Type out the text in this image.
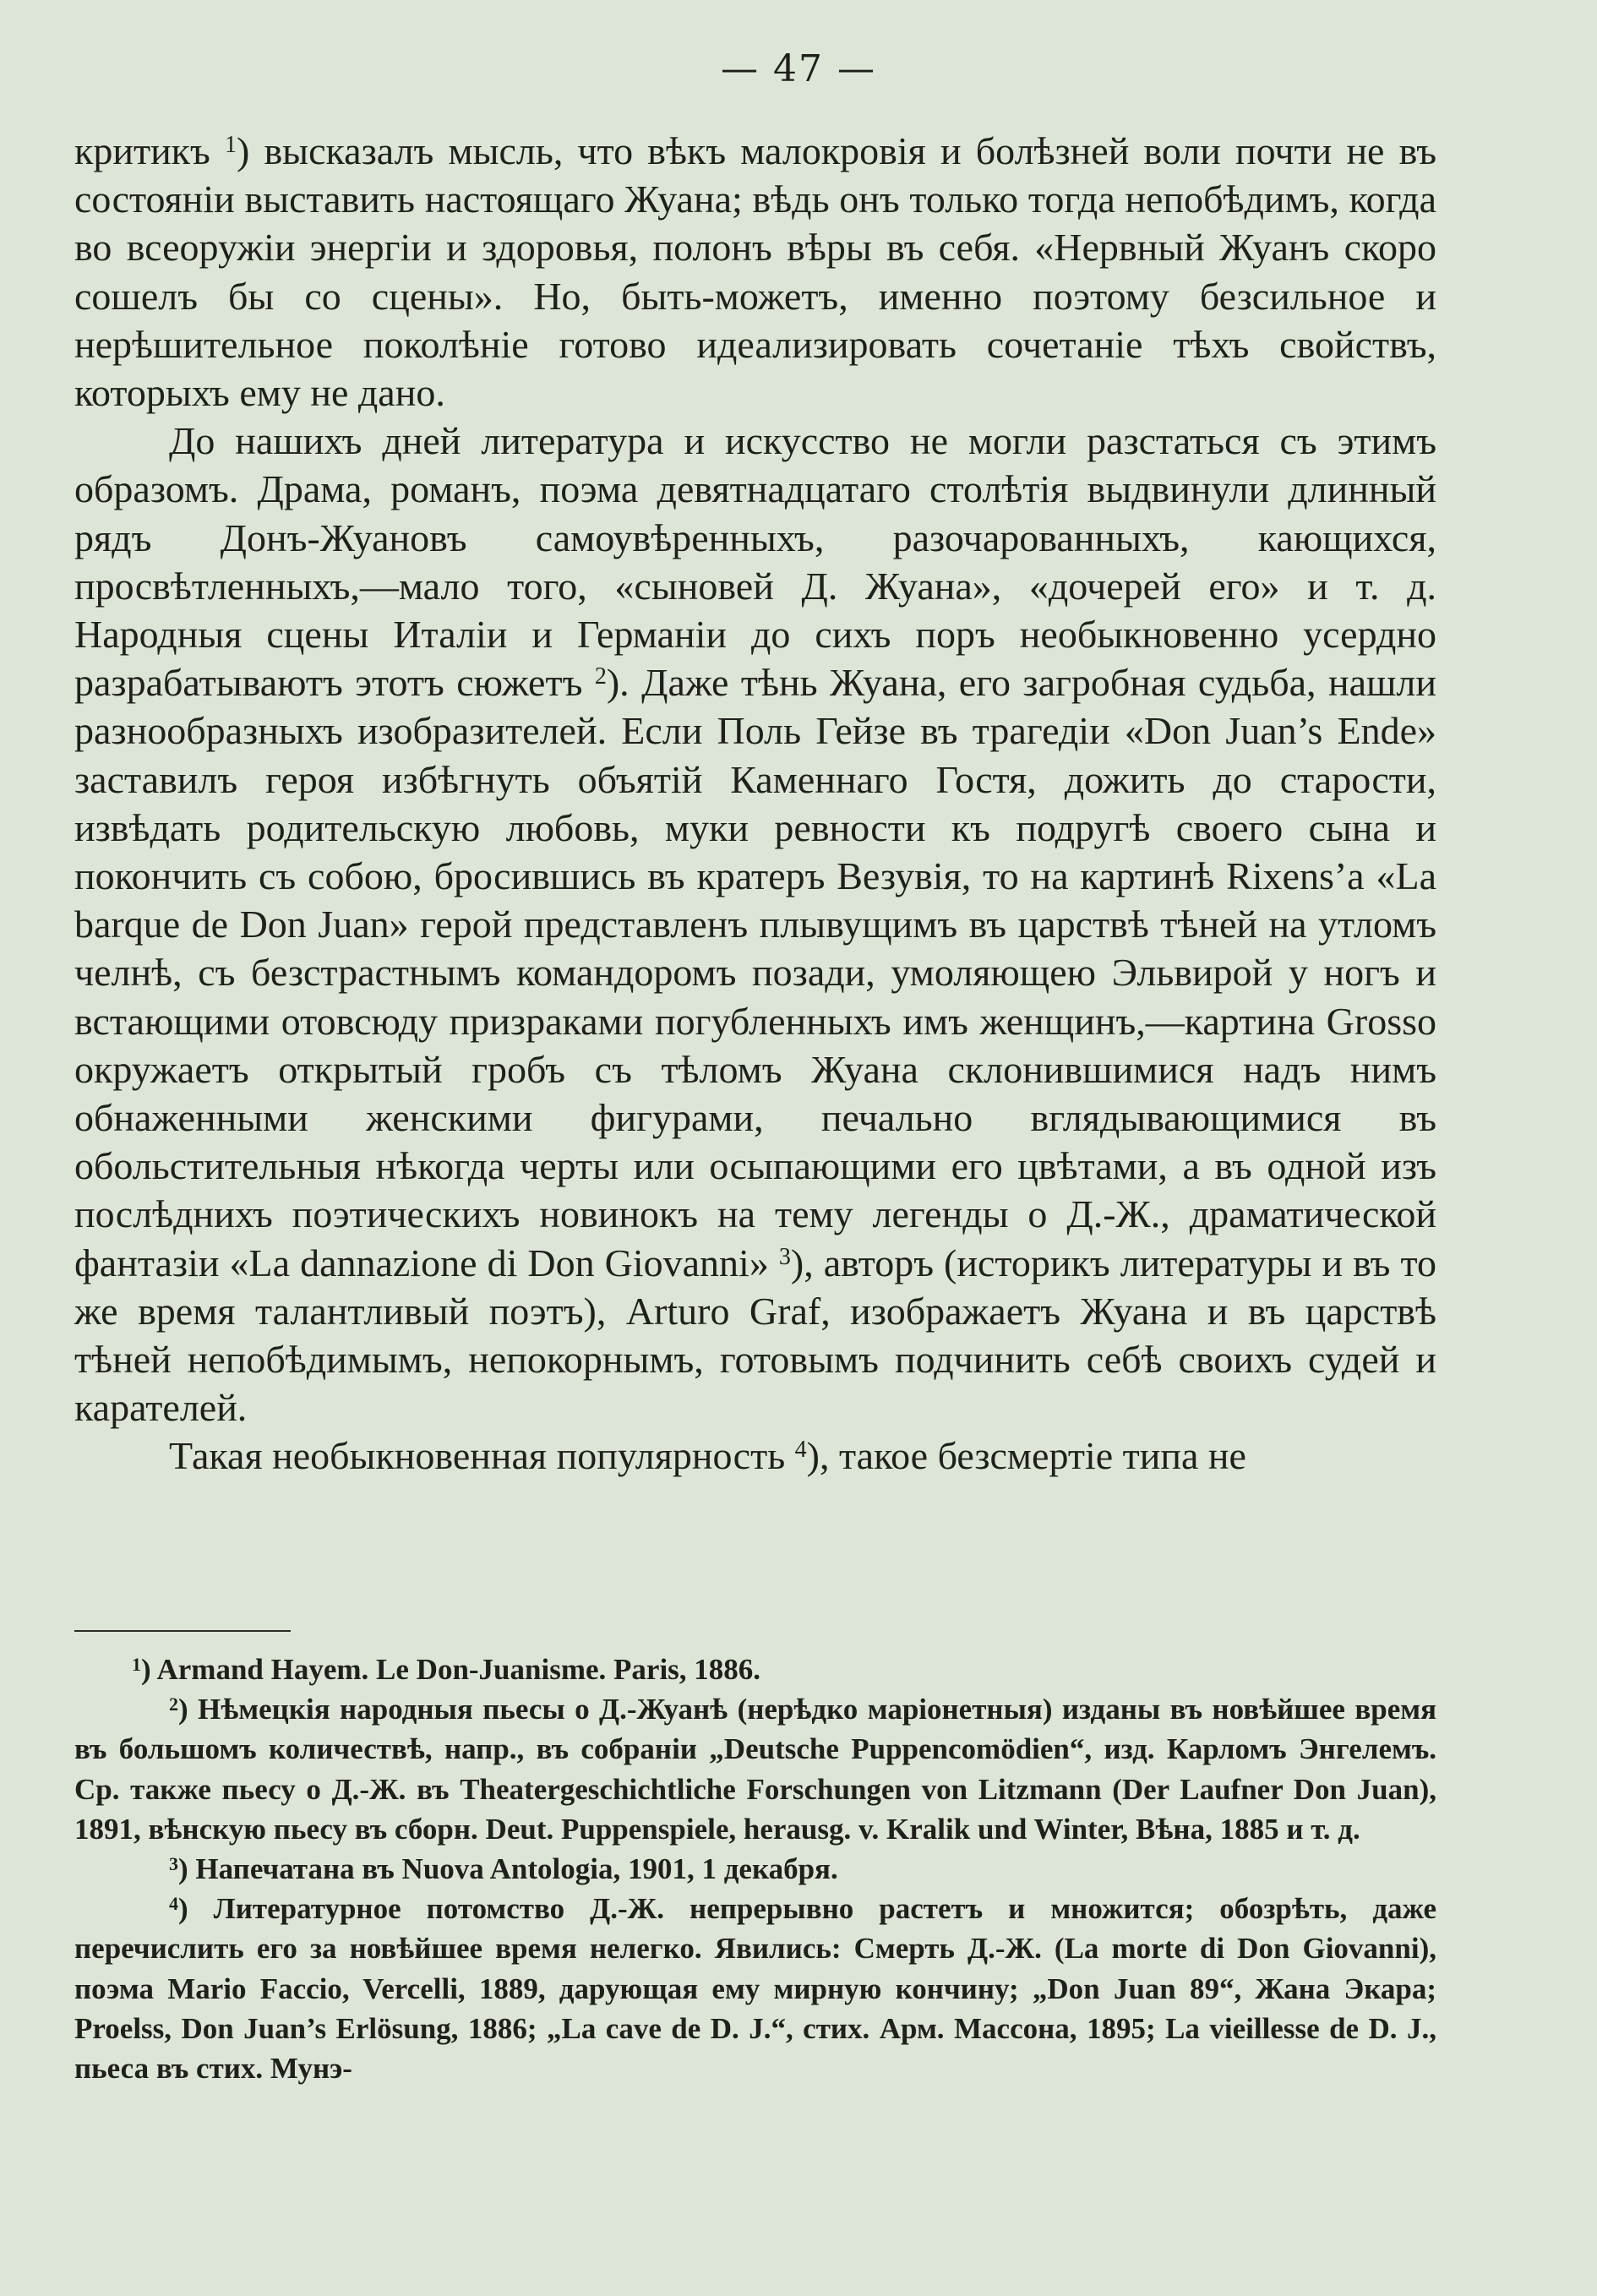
— 47 —

критикъ $^1$) высказалъ мысль, что вѣкъ малокровія и болѣзней воли почти не въ состояніи выставить настоящаго Жуана; вѣдь онъ только тогда непобѣдимъ, когда во всеоружіи энергіи и здоровья, полонъ вѣры въ себя. «Нервный Жуанъ скоро сошелъ бы со сцены». Но, быть-можетъ, именно поэтому безсильное и нерѣшительное поколѣніе готово идеализировать сочетаніе тѣхъ свойствъ, которыхъ ему не дано.

До нашихъ дней литература и искусство не могли разстаться съ этимъ образомъ. Драма, романъ, поэма девятнадцатаго столѣтія выдвинули длинный рядъ Донъ-Жуановъ самоувѣренныхъ, разочарованныхъ, кающихся, просвѣтленныхъ,—мало того, «сыновей Д. Жуана», «дочерей его» и т. д. Народныя сцены Италіи и Германіи до сихъ поръ необыкновенно усердно разрабатываютъ этотъ сюжетъ $^2$). Даже тѣнь Жуана, его загробная судьба, нашли разнообразныхъ изобразителей. Если Поль Гейзе въ трагедіи «Don Juan’s Ende» заставилъ героя избѣгнуть объятій Каменнаго Гостя, дожить до старости, извѣдать родительскую любовь, муки ревности къ подругѣ своего сына и покончить съ собою, бросившись въ кратеръ Везувія, то на картинѣ Rixens’a «La barque de Don Juan» герой представленъ плывущимъ въ царствѣ тѣней на утломъ челнѣ, съ безстрастнымъ командоромъ позади, умоляющею Эльвирой у ногъ и встающими отовсюду призраками погубленныхъ имъ женщинъ,—картина Grosso окружаетъ открытый гробъ съ тѣломъ Жуана склонившимися надъ нимъ обнаженными женскими фигурами, печально вглядывающимися въ обольстительныя нѣкогда черты или осыпающими его цвѣтами, а въ одной изъ послѣднихъ поэтическихъ новинокъ на тему легенды о Д.-Ж., драматической фантазіи «La dannazione di Don Giovanni» $^3$), авторъ (историкъ литературы и въ то же время талантливый поэтъ), Arturo Graf, изображаетъ Жуана и въ царствѣ тѣней непобѣдимымъ, непокорнымъ, готовымъ подчинить себѣ своихъ судей и карателей.

Такая необыкновенная популярность $^4$), такое безсмертіе типа не

$^1$) Armand Hayem. Le Don-Juanisme. Paris, 1886.

$^2$) Нѣмецкія народныя пьесы о Д.-Жуанѣ (нерѣдко маріонетныя) изданы въ новѣйшее время въ большомъ количествѣ, напр., въ собраніи „Deutsche Puppencomödien“, изд. Карломъ Энгелемъ. Ср. также пьесу о Д.-Ж. въ Theatergeschichtliche Forschungen von Litzmann (Der Laufner Don Juan), 1891, вѣнскую пьесу въ сборн. Deut. Puppenspiele, herausg. v. Kralik und Winter, Вѣна, 1885 и т. д.

$^3$) Напечатана въ Nuova Antologia, 1901, 1 декабря.

$^4$) Литературное потомство Д.-Ж. непрерывно растетъ и множится; обозрѣть, даже перечислить его за новѣйшее время нелегко. Явились: Смерть Д.-Ж. (La morte di Don Giovanni), поэма Mario Faccio, Vercelli, 1889, дарующая ему мирную кончину; „Don Juan 89“, Жана Экара; Proelss, Don Juan’s Erlösung, 1886; „La cave de D. J.“, стих. Арм. Массона, 1895; La vieillesse de D. J., пьеса въ стих. Мунэ-
